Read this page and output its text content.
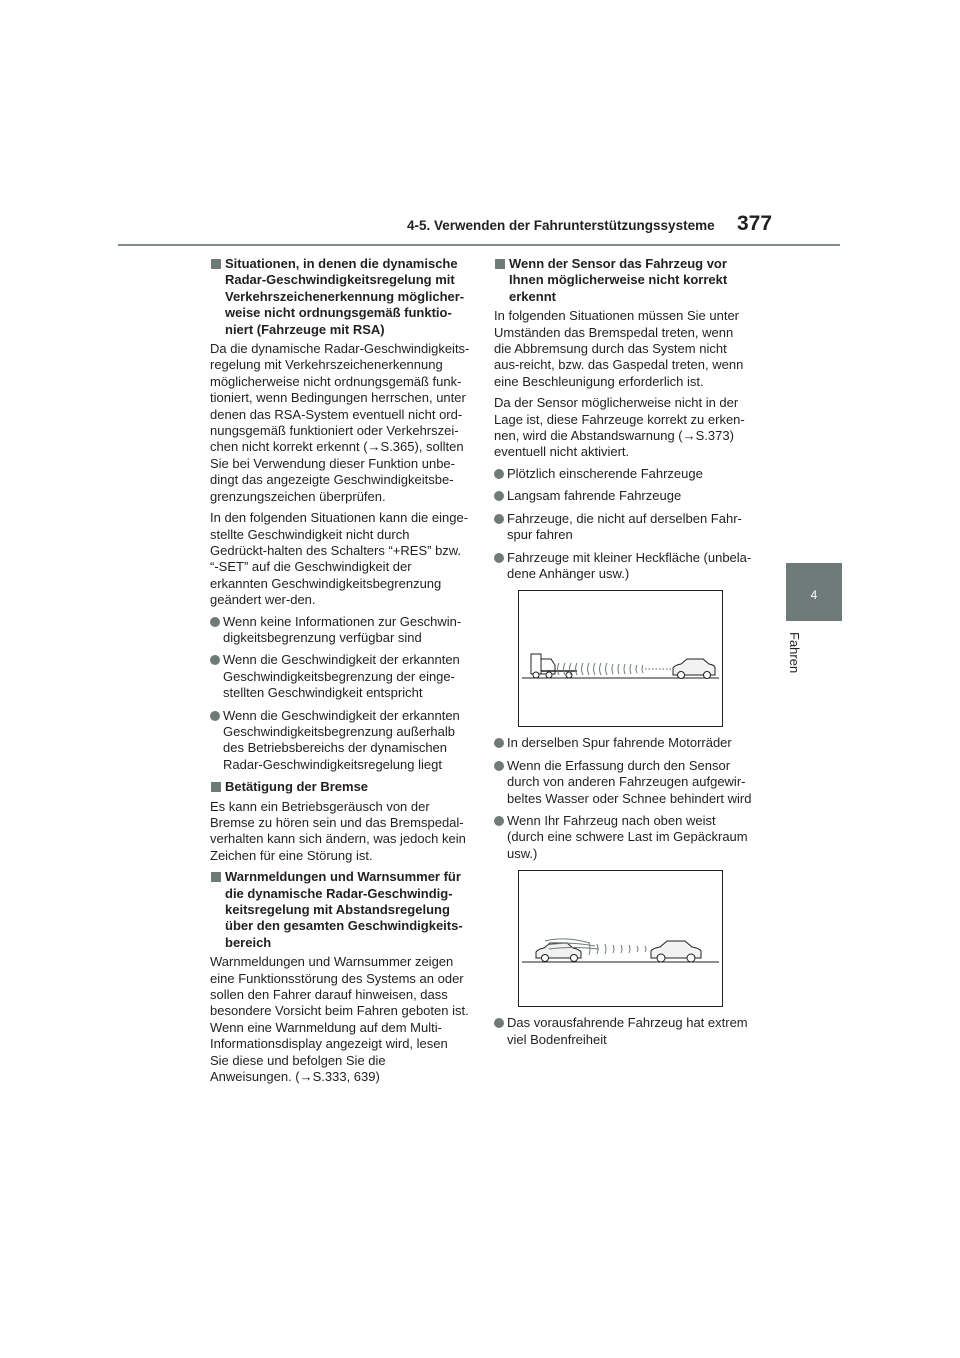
4-5. Verwenden der Fahrunterstützungssysteme 377
4
Fahren
Situationen, in denen die dynamische Radar-Geschwindigkeitsregelung mit Verkehrszeichenerkennung möglicher-weise nicht ordnungsgemäß funktio-niert (Fahrzeuge mit RSA)

Da die dynamische Radar-Geschwindigkeits-regelung mit Verkehrszeichenerkennung möglicherweise nicht ordnungsgemäß funk-tioniert, wenn Bedingungen herrschen, unter denen das RSA-System eventuell nicht ord-nungsgemäß funktioniert oder Verkehrszei-chen nicht korrekt erkennt (→S.365), sollten Sie bei Verwendung dieser Funktion unbe-dingt das angezeigte Geschwindigkeitsbe-grenzungszeichen überprüfen.

In den folgenden Situationen kann die einge-stellte Geschwindigkeit nicht durch Gedrückt-halten des Schalters “+RES” bzw. “-SET” auf die Geschwindigkeit der erkannten Geschwindigkeitsbegrenzung geändert wer-den.

Wenn keine Informationen zur Geschwin-digkeitsbegrenzung verfügbar sind
Wenn die Geschwindigkeit der erkannten Geschwindigkeitsbegrenzung der einge-stellten Geschwindigkeit entspricht
Wenn die Geschwindigkeit der erkannten Geschwindigkeitsbegrenzung außerhalb des Betriebsbereichs der dynamischen Radar-Geschwindigkeitsregelung liegt
Betätigung der Bremse

Es kann ein Betriebsgeräusch von der Bremse zu hören sein und das Bremspedal-verhalten kann sich ändern, was jedoch kein Zeichen für eine Störung ist.

Warnmeldungen und Warnsummer für die dynamische Radar-Geschwindig-keitsregelung mit Abstandsregelung über den gesamten Geschwindigkeits-bereich

Warnmeldungen und Warnsummer zeigen eine Funktionsstörung des Systems an oder sollen den Fahrer darauf hinweisen, dass besondere Vorsicht beim Fahren geboten ist. Wenn eine Warnmeldung auf dem Multi-Informationsdisplay angezeigt wird, lesen Sie diese und befolgen Sie die Anweisungen. (→S.333, 639)

Wenn der Sensor das Fahrzeug vor Ihnen möglicherweise nicht korrekt erkennt

In folgenden Situationen müssen Sie unter Umständen das Bremspedal treten, wenn die Abbremsung durch das System nicht aus-reicht, bzw. das Gaspedal treten, wenn eine Beschleunigung erforderlich ist.

Da der Sensor möglicherweise nicht in der Lage ist, diese Fahrzeuge korrekt zu erken-nen, wird die Abstandswarnung (→S.373) eventuell nicht aktiviert.

Plötzlich einscherende Fahrzeuge
Langsam fahrende Fahrzeuge
Fahrzeuge, die nicht auf derselben Fahr-spur fahren
Fahrzeuge mit kleiner Heckfläche (unbela-dene Anhänger usw.)
In derselben Spur fahrende Motorräder
Wenn die Erfassung durch den Sensor durch von anderen Fahrzeugen aufgewir-beltes Wasser oder Schnee behindert wird
Wenn Ihr Fahrzeug nach oben weist (durch eine schwere Last im Gepäckraum usw.)
Das vorausfahrende Fahrzeug hat extrem viel Bodenfreiheit
